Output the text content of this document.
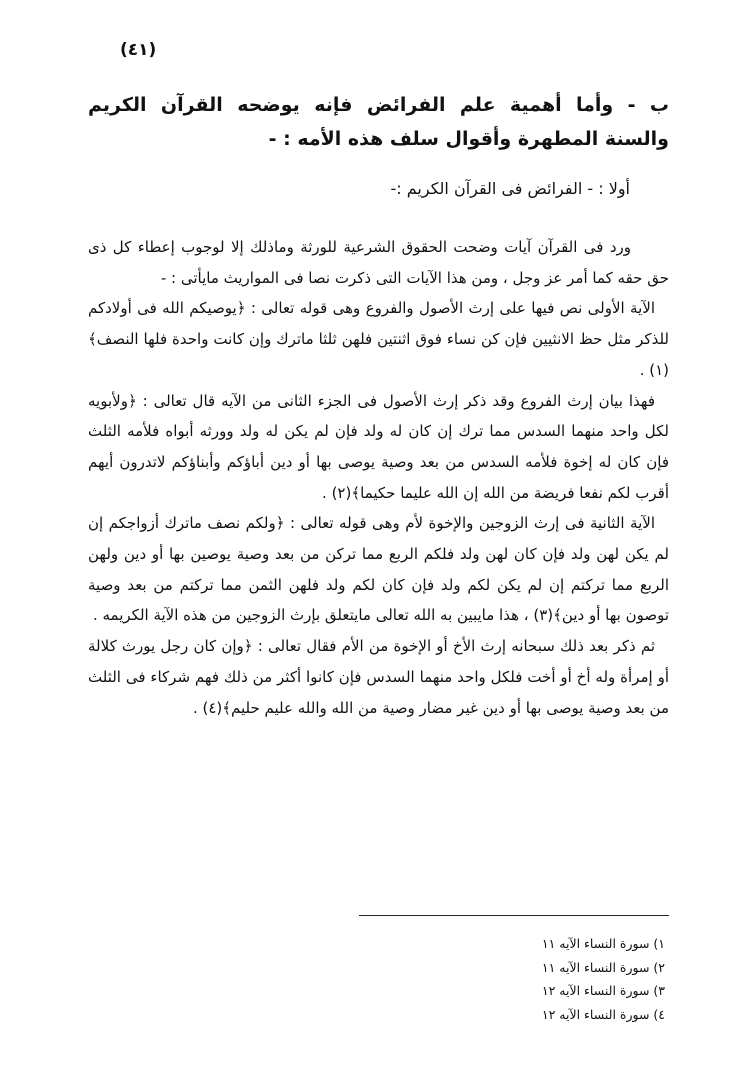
(٤١)
ب - وأما أهمية علم الفرائض فإنه يوضحه القرآن الكريم والسنة المطهرة وأقوال سلف هذه الأمه : -
أولا : - الفرائض فى القرآن الكريم :-

ورد فى القرآن آيات وضحت الحقوق الشرعية للورثة وماذلك إلا لوجوب إعطاء كل ذى حق حقه كما أمر عز وجل ، ومن هذا الآيات التى ذكرت نصا فى المواريث مايأتى : -

الآية الأولى نص فيها على إرث الأصول والفروع وهى قوله تعالى : ﴿يوصيكم الله فى أولادكم للذكر مثل حظ الانثيين فإن كن نساء فوق اثنتين فلهن ثلثا ماترك وإن كانت واحدة فلها النصف﴾(١) .

فهذا بيان إرث الفروع وقد ذكر إرث الأصول فى الجزء الثانى من الآيه قال تعالى : ﴿ولأبويه لكل واحد منهما السدس مما ترك إن كان له ولد فإن لم يكن له ولد وورثه أبواه فلأمه الثلث فإن كان له إخوة فلأمه السدس من بعد وصية يوصى بها أو دين أباؤكم وأبناؤكم لاتدرون أيهم أقرب لكم نفعا فريضة من الله إن الله عليما حكيما﴾(٢) .

الآية الثانية فى إرث الزوجين والإخوة لأم وهى قوله تعالى : ﴿ولكم نصف ماترك أزواجكم إن لم يكن لهن ولد فإن كان لهن ولد فلكم الربع مما تركن من بعد وصية يوصين بها أو دين ولهن الربع مما تركتم إن لم يكن لكم ولد فإن كان لكم ولد فلهن الثمن مما تركتم من بعد وصية توصون بها أو دين﴾(٣) ، هذا مايبين به الله تعالى مايتعلق بإرث الزوجين من هذه الآية الكريمه .

ثم ذكر بعد ذلك سبحانه إرث الأخ أو الإخوة من الأم فقال تعالى : ﴿وإن كان رجل يورث كلالة أو إمرأة وله أخ أو أخت فلكل واحد منهما السدس فإن كانوا أكثر من ذلك فهم شركاء فى الثلث من بعد وصية يوصى بها أو دين غير مضار وصية من الله والله عليم حليم﴾(٤) .

١) سورة النساء الآيه ١١
٢) سورة النساء الآيه ١١
٣) سورة النساء الآيه ١٢
٤) سورة النساء الآيه ١٢
